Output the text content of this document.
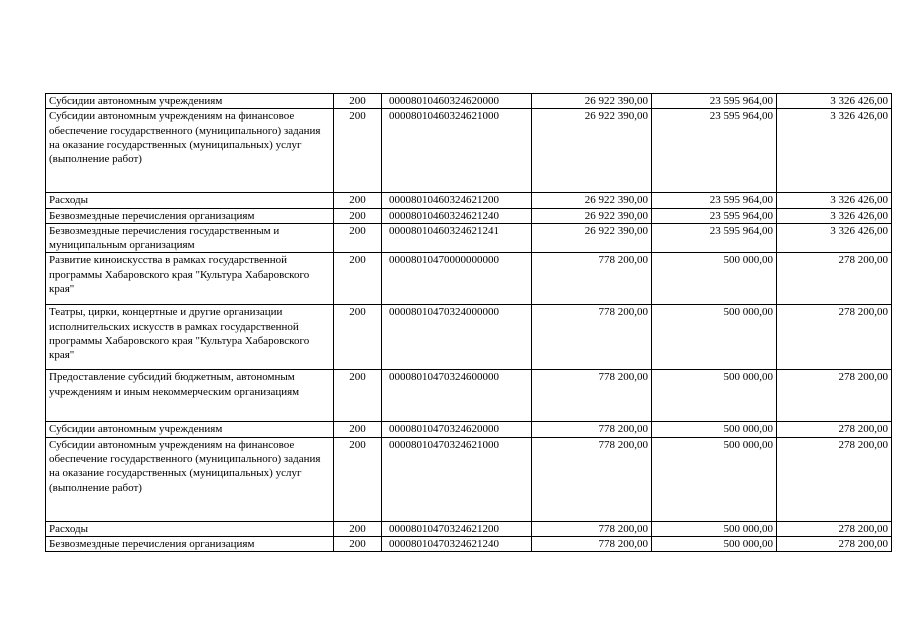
Субсидии автономным учреждениям	200	00008010460324620000	26 922 390,00	23 595 964,00	3 326 426,00
Субсидии автономным учреждениям на финансовое обеспечение государственного (муниципального) задания на оказание государственных (муниципальных) услуг (выполнение работ)	200	00008010460324621000	26 922 390,00	23 595 964,00	3 326 426,00
Расходы	200	00008010460324621200	26 922 390,00	23 595 964,00	3 326 426,00
Безвозмездные перечисления организациям	200	00008010460324621240	26 922 390,00	23 595 964,00	3 326 426,00
Безвозмездные перечисления государственным и муниципальным организациям	200	00008010460324621241	26 922 390,00	23 595 964,00	3 326 426,00
Развитие киноискусства в рамках государственной программы Хабаровского края "Культура Хабаровского края"	200	00008010470000000000	778 200,00	500 000,00	278 200,00
Театры, цирки, концертные и другие организации исполнительских искусств в рамках государственной программы Хабаровского края "Культура Хабаровского края"	200	00008010470324000000	778 200,00	500 000,00	278 200,00
Предоставление субсидий бюджетным, автономным учреждениям и иным некоммерческим организациям	200	00008010470324600000	778 200,00	500 000,00	278 200,00
Субсидии автономным учреждениям	200	00008010470324620000	778 200,00	500 000,00	278 200,00
Субсидии автономным учреждениям на финансовое обеспечение государственного (муниципального) задания на оказание государственных (муниципальных) услуг (выполнение работ)	200	00008010470324621000	778 200,00	500 000,00	278 200,00
Расходы	200	00008010470324621200	778 200,00	500 000,00	278 200,00
Безвозмездные перечисления организациям	200	00008010470324621240	778 200,00	500 000,00	278 200,00
